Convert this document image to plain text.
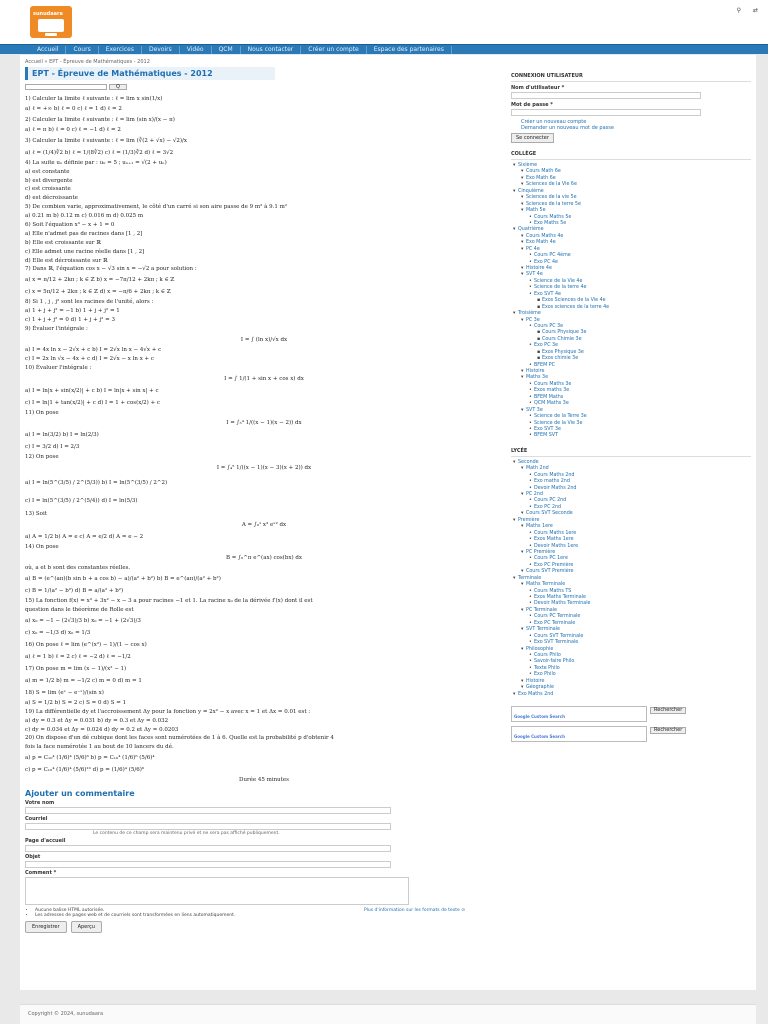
sunudaara	⚲ ⇄
Accueil	Cours	Exercices	Devoirs	Vidéo	QCM	Nous contacter	Créer un compte	Espace des partenaires
Accueil » EPT - Épreuve de Mathématiques - 2012
EPT - Épreuve de Mathématiques - 2012
Q
1) Calculer la limite ℓ suivante : ℓ = lim x sin(1/x)
a) ℓ = +∞ b) ℓ = 0 c) ℓ = 1 d) ℓ = 2
2) Calculer la limite ℓ suivante : ℓ = lim (sin x)/(x − π)
a) ℓ = π b) ℓ = 0 c) ℓ = −1 d) ℓ = 2
3) Calculer la limite ℓ suivante : ℓ = lim (∛(2 + √x) − √2)/x
a) ℓ = (1/4)∛2 b) ℓ = 1/(8∛2) c) ℓ = (1/3)∛2 d) ℓ = 3√2
4) La suite uₙ définie par : u₀ = 5 ; uₙ₊₁ = √(2 + uₙ)
a) est constante
b) est divergente
c) est croissante
d) est décroissante
5) De combien varie, approximativement, le côté d'un carré si son aire passe de 9 m² à 9.1 m²
a) 0.21 m b) 0.12 m c) 0.016 m d) 0.025 m
6) Soit l'équation x³ − x + 1 = 0
a) Elle n'admet pas de racines dans [1 , 2]
b) Elle est croissante sur ℝ
c) Elle admet une racine réelle dans [1 , 2]
d) Elle est décroissante sur ℝ
7) Dans ℝ, l'équation cos x − √3 sin x = −√2 a pour solution :
a) x = π/12 + 2kπ ; k ∈ ℤ b) x = −7π/12 + 2kπ ; k ∈ ℤ
c) x = 5π/12 + 2kπ ; k ∈ ℤ d) x = −π/6 + 2kπ ; k ∈ ℤ
8) Si 1 , j , j² sont les racines de l'unité, alors :
a) 1 + j + j² = −1 b) 1 + j + j² = 1
c) 1 + j + j² = 0 d) 1 + j + j² = 3
9) Évaluer l'intégrale :
I = ∫ (ln x)/√x dx
a) I = 4x ln x − 2√x + c b) I = 2√x ln x − 4√x + c
c) I = 2x ln √x − 4x + c d) I = 2√x − x ln x + c
10) Évaluer l'intégrale :
I = ∫ 1/(1 + sin x + cos x) dx
a) I = ln|x + sin(x/2)| + c b) I = ln|x + sin x| + c
c) I = ln|1 + tan(x/2)| + c d) I = 1 + cos(x/2) + c
11) On pose
I = ∫₃⁴ 1/((x − 1)(x − 2)) dx
a) I = ln(3/2) b) I = ln(2/3)
c) I = 3/2 d) I = 2/3
12) On pose
I = ∫₄⁵ 1/((x − 1)(x − 3)(x + 2)) dx
a) I = ln(5^(3/5) / 2^(5/3)) b) I = ln(5^(3/5) / 2^2)
c) I = ln(5^(3/5) / 2^(5/4)) d) I = ln(5/3)
13) Soit
A = ∫₀¹ x³ eˣ² dx
a) A = 1/2 b) A = e c) A = e/2 d) A = e − 2
14) On pose
B = ∫₀^π e^(ax) cos(bx) dx
où, a et b sont des constantes réelles.
a) B = (e^(aπ)(b sin b + a cos b) − a)/(a² + b²) b) B = e^(aπ)/(a² + b²)
c) B = 1/(a² − b²) d) B = a/(a² + b²)
15) La fonction f(x) = x³ + 3x² − x − 3 a pour racines −1 et 1. La racine x₀ de la dérivée f′(x) dont il est
question dans le théorème de Rolle est
a) x₀ = −1 − (2√3)/3 b) x₀ = −1 + (2√3)/3
c) x₀ = −1/3 d) x₀ = 1/3
16) On pose ℓ = lim (e^(x²) − 1)/(1 − cos x)
a) ℓ = 1 b) ℓ = 2 c) ℓ = −2 d) ℓ = −1/2
17) On pose m = lim (x − 1)/(x² − 1)
a) m = 1/2 b) m = −1/2 c) m = 0 d) m = 1
18) S = lim (eˣ − e⁻ˣ)/(sin x)
a) S = 1/2 b) S = 2 c) S = 0 d) S = 1
19) La différentielle dy et l'accroissement Δy pour la fonction y = 2x² − x avec x = 1 et Δx = 0.01 est :
a) dy = 0.3 et Δy = 0.031 b) dy = 0.3 et Δy = 0.032
c) dy = 0.034 et Δy = 0.024 d) dy = 0.2 et Δy = 0.0203
20) On dispose d'un dé cubique dont les faces sont numérotées de 1 à 6. Quelle est la probabilité p d'obtenir 4
fois la face numérotée 1 au bout de 10 lancers du dé.
a) p = C₁₀⁴ (1/6)⁴ (5/6)⁶ b) p = C₁₀⁴ (1/6)⁶ (5/6)⁴
c) p = C₁₀⁴ (1/6)⁴ (5/6)¹⁰ d) p = (1/6)⁴ (5/6)⁶
Durée 45 minutes
Ajouter un commentaire
Votre nom
Courriel
Le contenu de ce champ sera maintenu privé et ne sera pas affiché publiquement.
Page d'accueil
Objet
Comment *
• Aucune balise HTML autorisée.
• Les adresses de pages web et de courriels sont transformées en liens automatiquement.
Plus d'information sur les formats de texte ⊙
Enregistrer	Aperçu
CONNEXION UTILISATEUR
Nom d'utilisateur *
Mot de passe *
Créer un nouveau compte
Demander un nouveau mot de passe
Se connecter
COLLÈGE
▾ Sixième
▾ Cours Math 6e
▾ Exo Math 6e
▾ Sciences de la Vie 6e
▾ Cinquième
▾ Sciences de la vie 5e
▾ Sciences de la terre 5e
▾ Math 5e
• Cours Maths 5e
• Exo Maths 5e
▾ Quatrième
▾ Cours Maths 4e
▾ Exo Math 4e
▾ PC 4e
• Cours PC 4ème
• Exo PC 4e
▾ Histoire 4e
▾ SVT 4e
• Science de la Vie 4e
• Science de la terre 4e
• Exo SVT 4e
▪ Exos Sciences de la Vie 4e
▪ Exos sciences de la terre 4e
▾ Troisième
▾ PC 3e
• Cours PC 3e
▪ Cours Physique 3e
▪ Cours Chimie 3e
• Exo PC 3e
▪ Exos Physique 3e
▪ Exos chimie 3e
• BFEM PC
▾ Histoire
▾ Maths 3e
• Cours Maths 3e
• Exos maths 3e
• BFEM Maths
• QCM Maths 3e
▾ SVT 3e
• Science de la Terre 3e
• Science de la Vie 3e
• Exo SVT 3e
• BFEM SVT
LYCÉE
▾ Seconde
▾ Math 2nd
• Cours Maths 2nd
• Exo maths 2nd
• Devoir Maths 2nd
▾ PC 2nd
• Cours PC 2nd
• Exo PC 2nd
▾ Cours SVT Seconde
▾ Première
▾ Maths 1ere
• Cours Maths 1ere
• Exos Maths 1ere
• Devoir Maths 1ere
▾ PC Première
• Cours PC 1ere
• Exo PC Première
▾ Cours SVT Première
▾ Terminale
▾ Maths Terminale
• Cours Maths TS
• Exos Maths Terminale
• Devoir Maths Terminale
▾ PC Terminale
• Cours PC Terminale
• Exo PC Terminale
▾ SVT Terminale
• Cours SVT Terminale
• Exo SVT Terminale
▾ Philosophie
• Cours Philo
• Savoir-faire Philo
• Texte Philo
• Exo Philo
▾ Histoire
▾ Géographie
▾ Exo Maths 2nd
Google Custom Search
Rechercher
Google Custom Search
Rechercher
Copyright © 2024, sunudaara
